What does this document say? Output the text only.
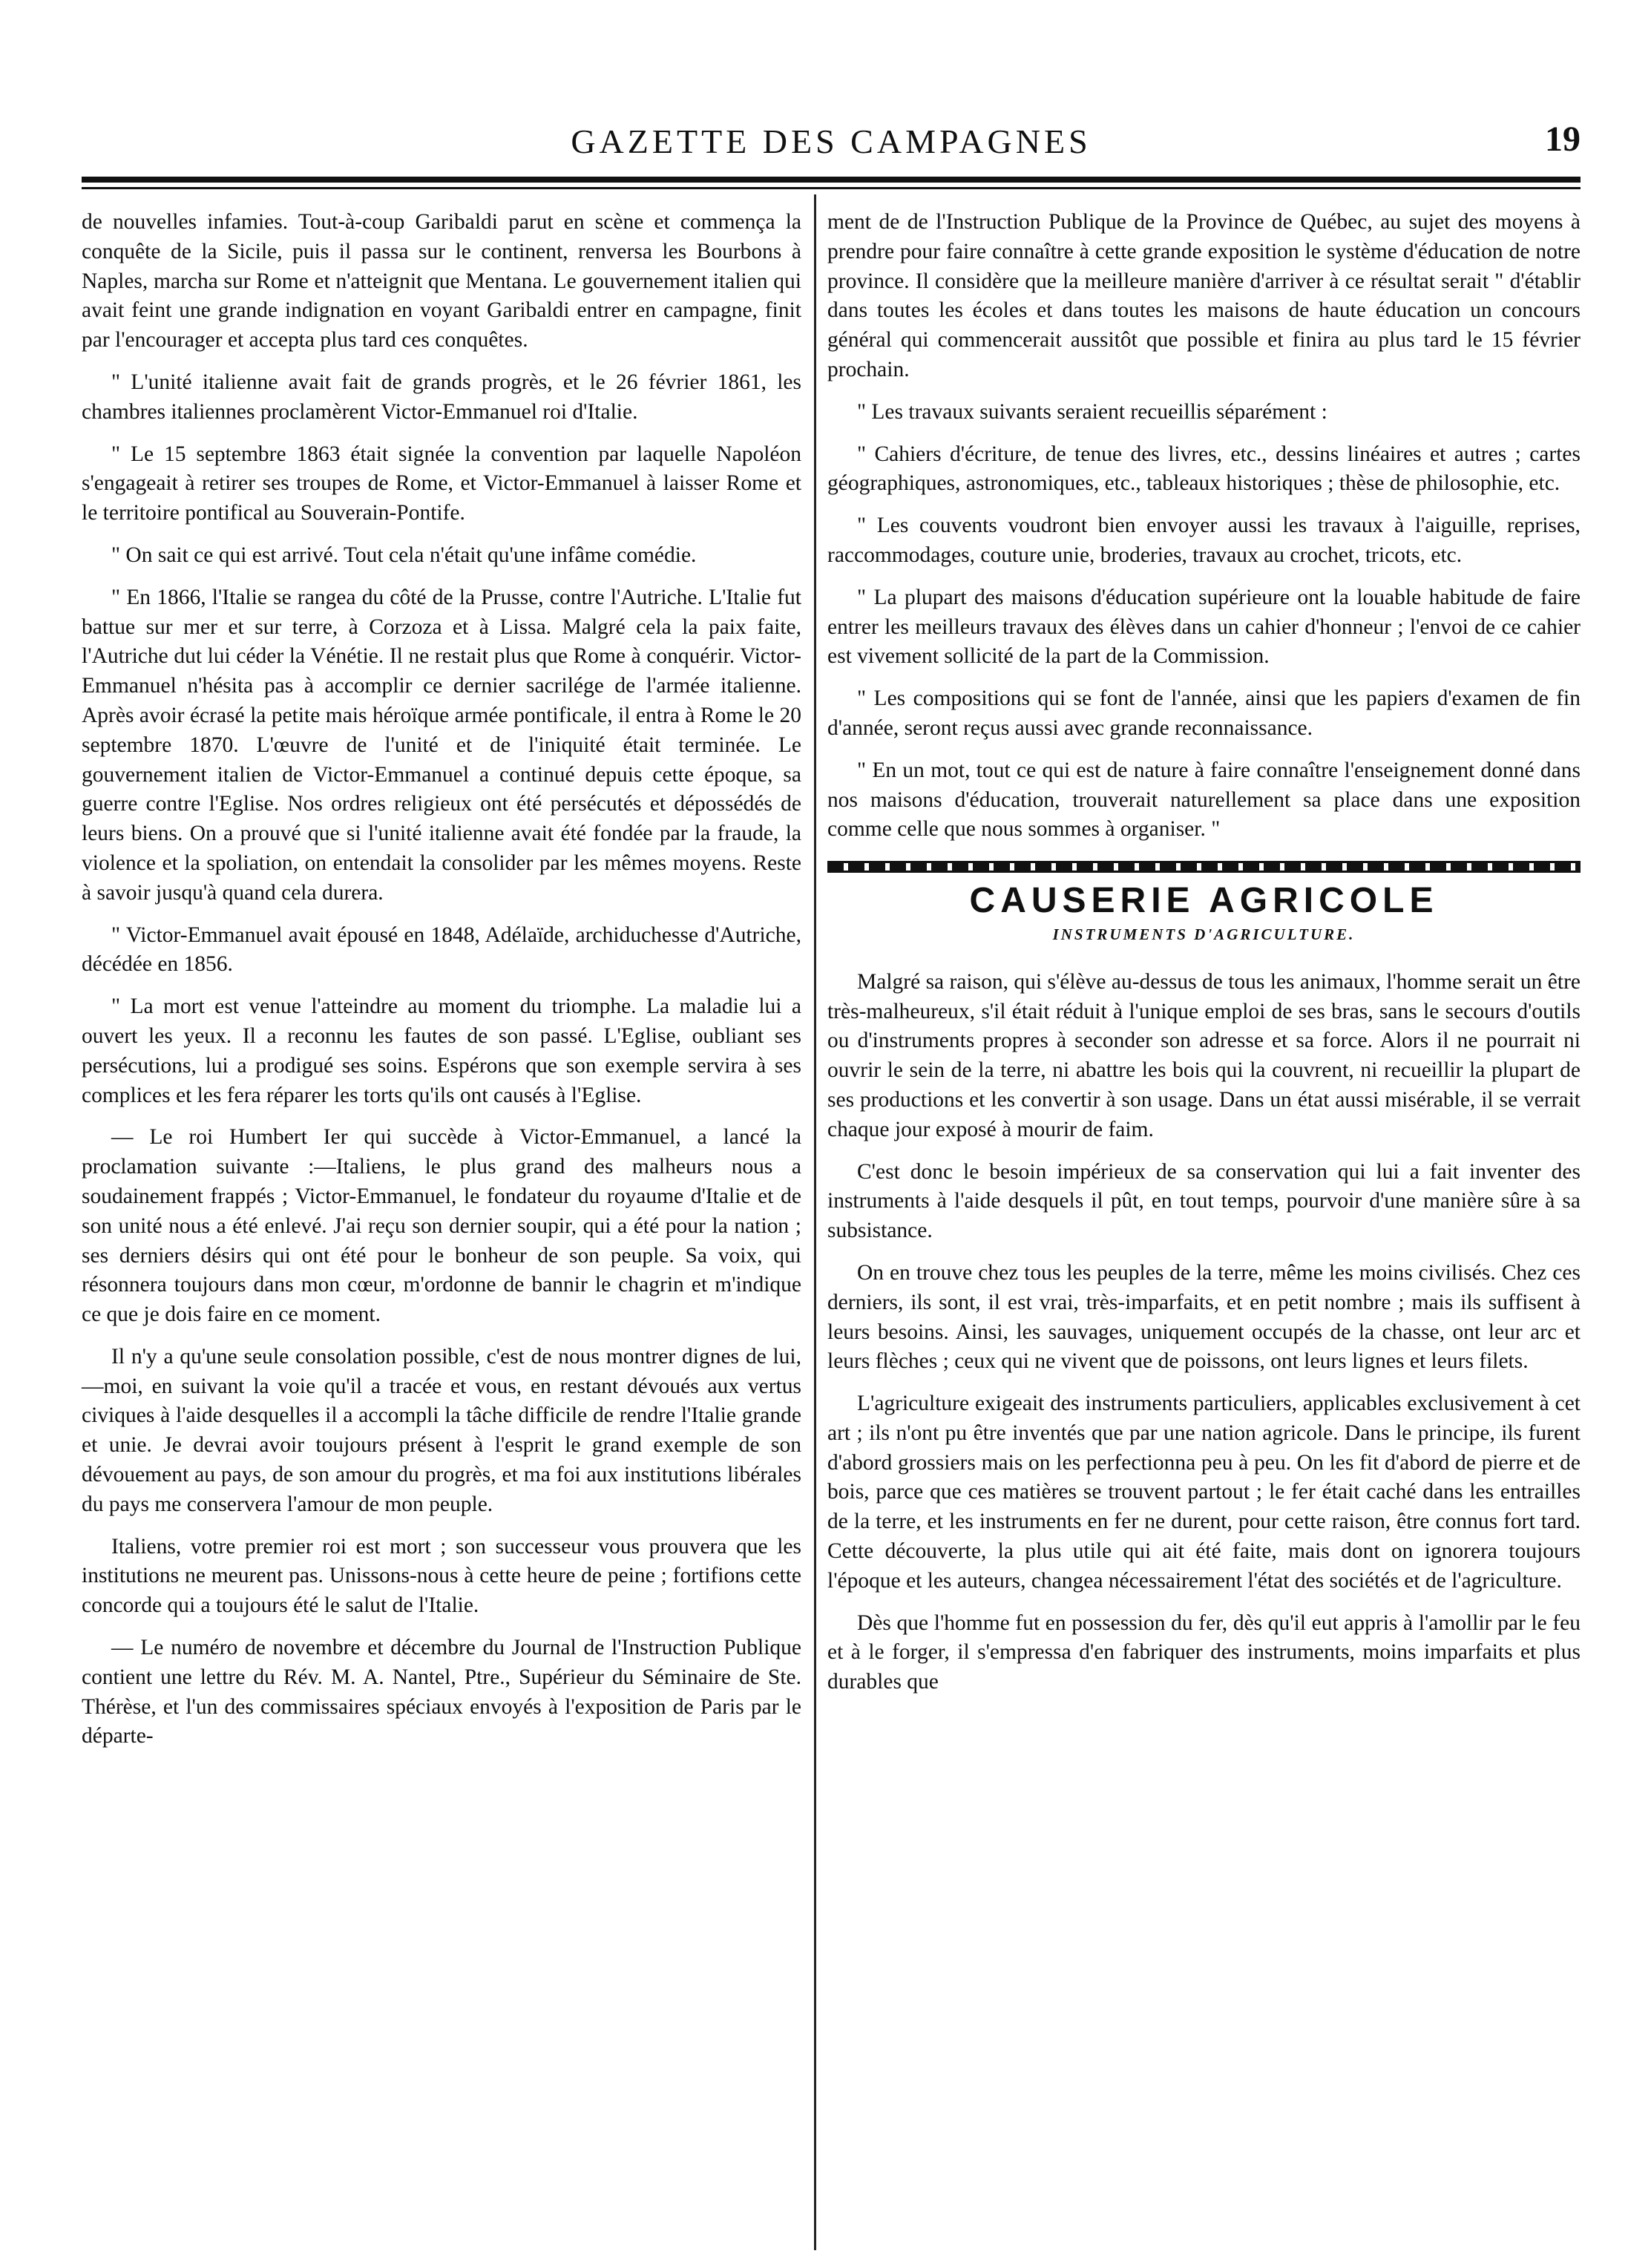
GAZETTE DES CAMPAGNES	19

de nouvelles infamies. Tout-à-coup Garibaldi parut en scène et commença la conquête de la Sicile, puis il passa sur le continent, renversa les Bourbons à Naples, marcha sur Rome et n'atteignit que Mentana. Le gouvernement italien qui avait feint une grande indignation en voyant Garibaldi entrer en campagne, finit par l'encourager et accepta plus tard ces conquêtes.

" L'unité italienne avait fait de grands progrès, et le 26 février 1861, les chambres italiennes proclamèrent Victor-Emmanuel roi d'Italie.

" Le 15 septembre 1863 était signée la convention par laquelle Napoléon s'engageait à retirer ses troupes de Rome, et Victor-Emmanuel à laisser Rome et le territoire pontifical au Souverain-Pontife.

" On sait ce qui est arrivé. Tout cela n'était qu'une infâme comédie.

" En 1866, l'Italie se rangea du côté de la Prusse, contre l'Autriche. L'Italie fut battue sur mer et sur terre, à Corzoza et à Lissa. Malgré cela la paix faite, l'Autriche dut lui céder la Vénétie. Il ne restait plus que Rome à conquérir. Victor-Emmanuel n'hésita pas à accomplir ce dernier sacrilége de l'armée italienne. Après avoir écrasé la petite mais héroïque armée pontificale, il entra à Rome le 20 septembre 1870. L'œuvre de l'unité et de l'iniquité était terminée. Le gouvernement italien de Victor-Emmanuel a continué depuis cette époque, sa guerre contre l'Eglise. Nos ordres religieux ont été persécutés et dépossédés de leurs biens. On a prouvé que si l'unité italienne avait été fondée par la fraude, la violence et la spoliation, on entendait la consolider par les mêmes moyens. Reste à savoir jusqu'à quand cela durera.

" Victor-Emmanuel avait épousé en 1848, Adélaïde, archiduchesse d'Autriche, décédée en 1856.

" La mort est venue l'atteindre au moment du triomphe. La maladie lui a ouvert les yeux. Il a reconnu les fautes de son passé. L'Eglise, oubliant ses persécutions, lui a prodigué ses soins. Espérons que son exemple servira à ses complices et les fera réparer les torts qu'ils ont causés à l'Eglise.

— Le roi Humbert Ier qui succède à Victor-Emmanuel, a lancé la proclamation suivante :—Italiens, le plus grand des malheurs nous a soudainement frappés ; Victor-Emmanuel, le fondateur du royaume d'Italie et de son unité nous a été enlevé. J'ai reçu son dernier soupir, qui a été pour la nation ; ses derniers désirs qui ont été pour le bonheur de son peuple. Sa voix, qui résonnera toujours dans mon cœur, m'ordonne de bannir le chagrin et m'indique ce que je dois faire en ce moment.

Il n'y a qu'une seule consolation possible, c'est de nous montrer dignes de lui,—moi, en suivant la voie qu'il a tracée et vous, en restant dévoués aux vertus civiques à l'aide desquelles il a accompli la tâche difficile de rendre l'Italie grande et unie. Je devrai avoir toujours présent à l'esprit le grand exemple de son dévouement au pays, de son amour du progrès, et ma foi aux institutions libérales du pays me conservera l'amour de mon peuple.

Italiens, votre premier roi est mort ; son successeur vous prouvera que les institutions ne meurent pas. Unissons-nous à cette heure de peine ; fortifions cette concorde qui a toujours été le salut de l'Italie.

— Le numéro de novembre et décembre du Journal de l'Instruction Publique contient une lettre du Rév. M. A. Nantel, Ptre., Supérieur du Séminaire de Ste. Thérèse, et l'un des commissaires spéciaux envoyés à l'exposition de Paris par le départe-

ment de de l'Instruction Publique de la Province de Québec, au sujet des moyens à prendre pour faire connaître à cette grande exposition le système d'éducation de notre province. Il considère que la meilleure manière d'arriver à ce résultat serait " d'établir dans toutes les écoles et dans toutes les maisons de haute éducation un concours général qui commencerait aussitôt que possible et finira au plus tard le 15 février prochain.

" Les travaux suivants seraient recueillis séparément :

" Cahiers d'écriture, de tenue des livres, etc., dessins linéaires et autres ; cartes géographiques, astronomiques, etc., tableaux historiques ; thèse de philosophie, etc.

" Les couvents voudront bien envoyer aussi les travaux à l'aiguille, reprises, raccommodages, couture unie, broderies, travaux au crochet, tricots, etc.

" La plupart des maisons d'éducation supérieure ont la louable habitude de faire entrer les meilleurs travaux des élèves dans un cahier d'honneur ; l'envoi de ce cahier est vivement sollicité de la part de la Commission.

" Les compositions qui se font de l'année, ainsi que les papiers d'examen de fin d'année, seront reçus aussi avec grande reconnaissance.

" En un mot, tout ce qui est de nature à faire connaître l'enseignement donné dans nos maisons d'éducation, trouverait naturellement sa place dans une exposition comme celle que nous sommes à organiser. "

CAUSERIE AGRICOLE
INSTRUMENTS D'AGRICULTURE.

Malgré sa raison, qui s'élève au-dessus de tous les animaux, l'homme serait un être très-malheureux, s'il était réduit à l'unique emploi de ses bras, sans le secours d'outils ou d'instruments propres à seconder son adresse et sa force. Alors il ne pourrait ni ouvrir le sein de la terre, ni abattre les bois qui la couvrent, ni recueillir la plupart de ses productions et les convertir à son usage. Dans un état aussi misérable, il se verrait chaque jour exposé à mourir de faim.

C'est donc le besoin impérieux de sa conservation qui lui a fait inventer des instruments à l'aide desquels il pût, en tout temps, pourvoir d'une manière sûre à sa subsistance.

On en trouve chez tous les peuples de la terre, même les moins civilisés. Chez ces derniers, ils sont, il est vrai, très-imparfaits, et en petit nombre ; mais ils suffisent à leurs besoins. Ainsi, les sauvages, uniquement occupés de la chasse, ont leur arc et leurs flèches ; ceux qui ne vivent que de poissons, ont leurs lignes et leurs filets.

L'agriculture exigeait des instruments particuliers, applicables exclusivement à cet art ; ils n'ont pu être inventés que par une nation agricole. Dans le principe, ils furent d'abord grossiers mais on les perfectionna peu à peu. On les fit d'abord de pierre et de bois, parce que ces matières se trouvent partout ; le fer était caché dans les entrailles de la terre, et les instruments en fer ne durent, pour cette raison, être connus fort tard. Cette découverte, la plus utile qui ait été faite, mais dont on ignorera toujours l'époque et les auteurs, changea nécessairement l'état des sociétés et de l'agriculture.

Dès que l'homme fut en possession du fer, dès qu'il eut appris à l'amollir par le feu et à le forger, il s'empressa d'en fabriquer des instruments, moins imparfaits et plus durables que
